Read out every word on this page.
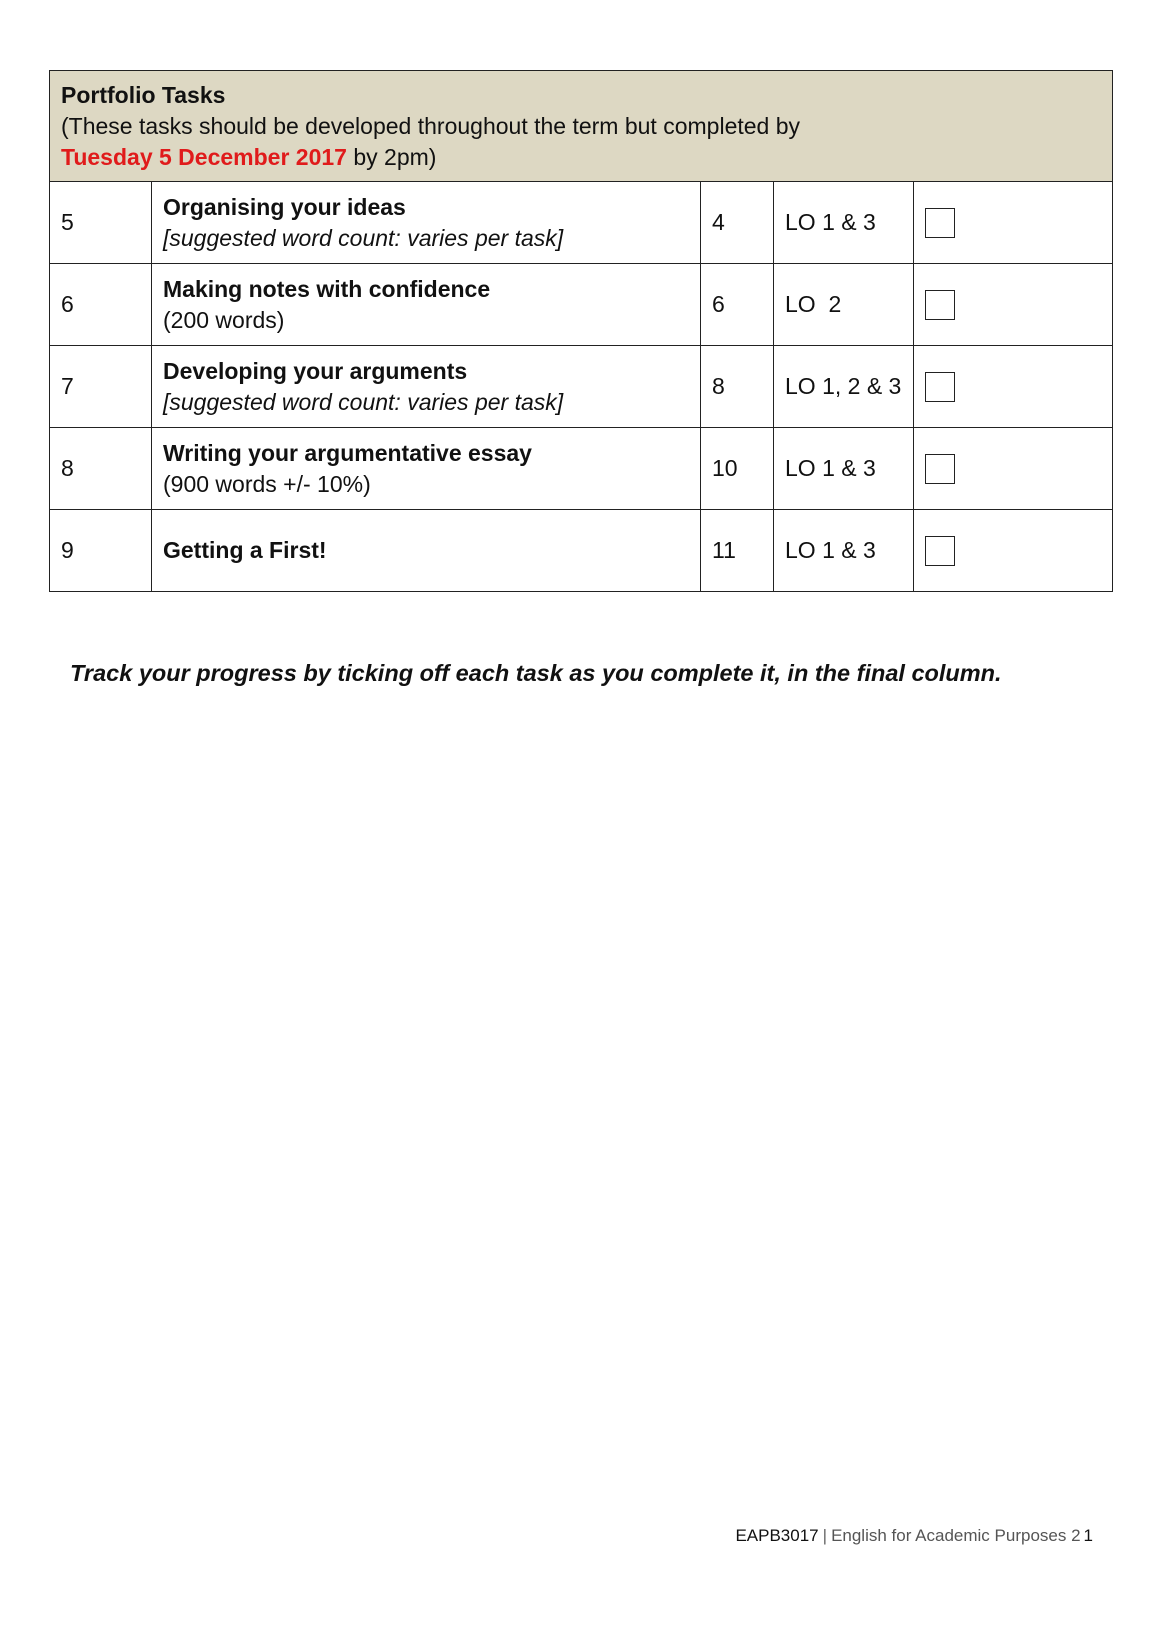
Portfolio Tasks
(These tasks should be developed throughout the term but completed by
Tuesday 5 December 2017 by 2pm)				

5	Organising your ideas
[suggested word count: varies per task]	4	LO 1 & 3	
6	Making notes with confidence
(200 words)	6	LO  2	
7	Developing your arguments
[suggested word count: varies per task]	8	LO 1, 2 & 3	
8	Writing your argumentative essay
(900 words +/- 10%)	10	LO 1 & 3	
9	Getting a First!	11	LO 1 & 3	
Track your progress by ticking off each task as you complete it, in the final column.
EAPB3017 | English for Academic Purposes 2 1
